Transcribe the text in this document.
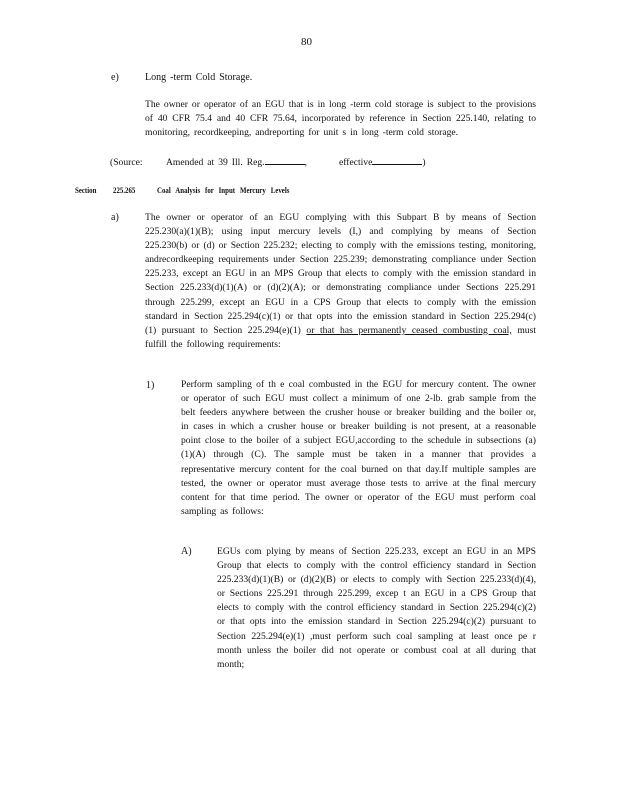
80
e)	Long -term Cold Storage.
The owner or operator of an EGU that is in long -term cold storage is subject to the provisions of 40 CFR 75.4 and 40 CFR 75.64, incorporated by reference in Section 225.140, relating to monitoring, recordkeeping, andreporting for unit s in long -term cold storage.
(Source: Amended at 39 Ill. Reg.	,        effective	)
Section 225.265	Coal Analysis for Input Mercury Levels
a)	The owner or operator of an EGU complying with this Subpart B by means of Section 225.230(a)(1)(B); using input mercury levels (I,) and complying by means of Section 225.230(b) or (d) or Section 225.232; electing to comply with the emissions testing, monitoring, andrecordkeeping requirements under Section 225.239; demonstrating compliance under Section 225.233, except an EGU in an MPS Group that elects to comply with the emission standard in Section 225.233(d)(1)(A) or (d)(2)(A); or demonstrating compliance under Sections 225.291 through 225.299, except an EGU in a CPS Group that elects to comply with the emission standard in Section 225.294(c)(1) or that opts into the emission standard in Section 225.294(c)(1) pursuant to Section 225.294(e)(1) or that has permanently ceased combusting coal, must fulfill the following requirements:
1)	Perform sampling of th e coal combusted in the EGU for mercury content. The owner or operator of such EGU must collect a minimum of one 2-lb. grab sample from the belt feeders anywhere between the crusher house or breaker building and the boiler or, in cases in which a crusher house or breaker building is not present, at a reasonable point close to the boiler of a subject EGU,according to the schedule in subsections (a)(1)(A) through (C). The sample must be taken in a manner that provides a representative mercury content for the coal burned on that day.If multiple samples are tested, the owner or operator must average those tests to arrive at the final mercury content for that time period. The owner or operator of the EGU must perform coal sampling as follows:
A)	EGUs com plying by means of Section 225.233, except an EGU in an MPS Group that elects to comply with the control efficiency standard in Section 225.233(d)(1)(B) or (d)(2)(B) or elects to comply with Section 225.233(d)(4), or Sections 225.291 through 225.299, excep t an EGU in a CPS Group that elects to comply with the control efficiency standard in Section 225.294(c)(2) or that opts into the emission standard in Section 225.294(c)(2) pursuant to Section 225.294(e)(1) ,must perform such coal sampling at least once pe r month unless the boiler did not operate or combust coal at all during that month;
